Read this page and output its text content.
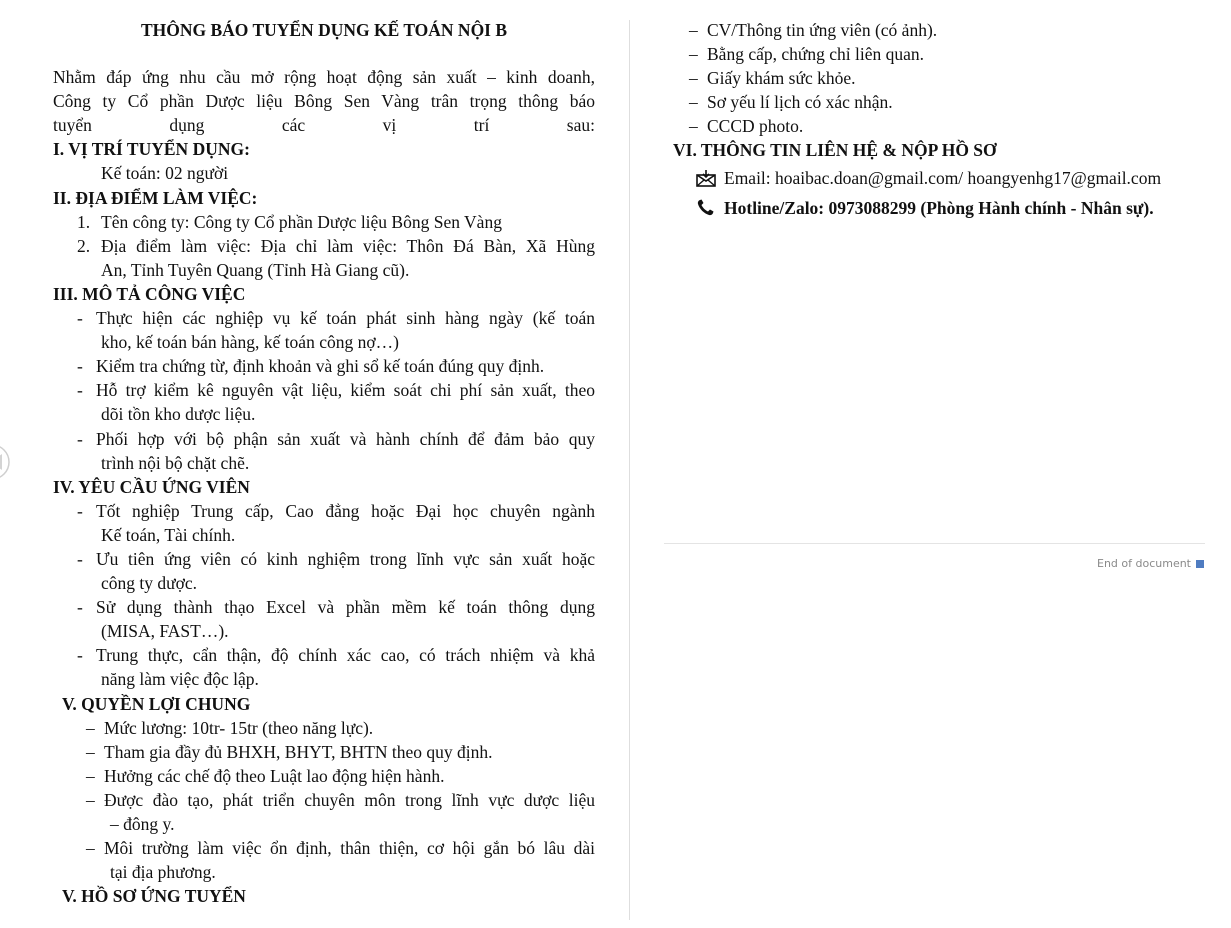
THÔNG BÁO TUYỂN DỤNG KẾ TOÁN NỘI B
Nhằm đáp ứng nhu cầu mở rộng hoạt động sản xuất – kinh doanh,
Công ty Cổ phần Dược liệu Bông Sen Vàng trân trọng thông báo
tuyển dụng các vị trí sau:
I. VỊ TRÍ TUYỂN DỤNG:
Kế toán: 02 người
II. ĐỊA ĐIỂM LÀM VIỆC:
1. Tên công ty: Công ty Cổ phần Dược liệu Bông Sen Vàng
2. Địa điểm làm việc: Địa chỉ làm việc: Thôn Đá Bàn, Xã Hùng
An, Tỉnh Tuyên Quang (Tỉnh Hà Giang cũ).
III. MÔ TẢ CÔNG VIỆC
- Thực hiện các nghiệp vụ kế toán phát sinh hàng ngày (kế toán
kho, kế toán bán hàng, kế toán công nợ…)
- Kiểm tra chứng từ, định khoản và ghi sổ kế toán đúng quy định.
- Hỗ trợ kiểm kê nguyên vật liệu, kiểm soát chi phí sản xuất, theo
dõi tồn kho dược liệu.
- Phối hợp với bộ phận sản xuất và hành chính để đảm bảo quy
trình nội bộ chặt chẽ.
IV. YÊU CẦU ỨNG VIÊN
- Tốt nghiệp Trung cấp, Cao đẳng hoặc Đại học chuyên ngành
Kế toán, Tài chính.
- Ưu tiên ứng viên có kinh nghiệm trong lĩnh vực sản xuất hoặc
công ty dược.
- Sử dụng thành thạo Excel và phần mềm kế toán thông dụng
(MISA, FAST…).
- Trung thực, cẩn thận, độ chính xác cao, có trách nhiệm và khả
năng làm việc độc lập.
V. QUYỀN LỢI CHUNG
– Mức lương: 10tr- 15tr (theo năng lực).
– Tham gia đầy đủ BHXH, BHYT, BHTN theo quy định.
– Hưởng các chế độ theo Luật lao động hiện hành.
– Được đào tạo, phát triển chuyên môn trong lĩnh vực dược liệu
– đông y.
– Môi trường làm việc ổn định, thân thiện, cơ hội gắn bó lâu dài
tại địa phương.
V. HỒ SƠ ỨNG TUYỂN
– CV/Thông tin ứng viên (có ảnh).
– Bằng cấp, chứng chỉ liên quan.
– Giấy khám sức khỏe.
– Sơ yếu lí lịch có xác nhận.
– CCCD photo.
VI. THÔNG TIN LIÊN HỆ & NỘP HỒ SƠ
Email: hoaibac.doan@gmail.com/ hoangyenhg17@gmail.com
Hotline/Zalo: 0973088299 (Phòng Hành chính - Nhân sự).
End of document
